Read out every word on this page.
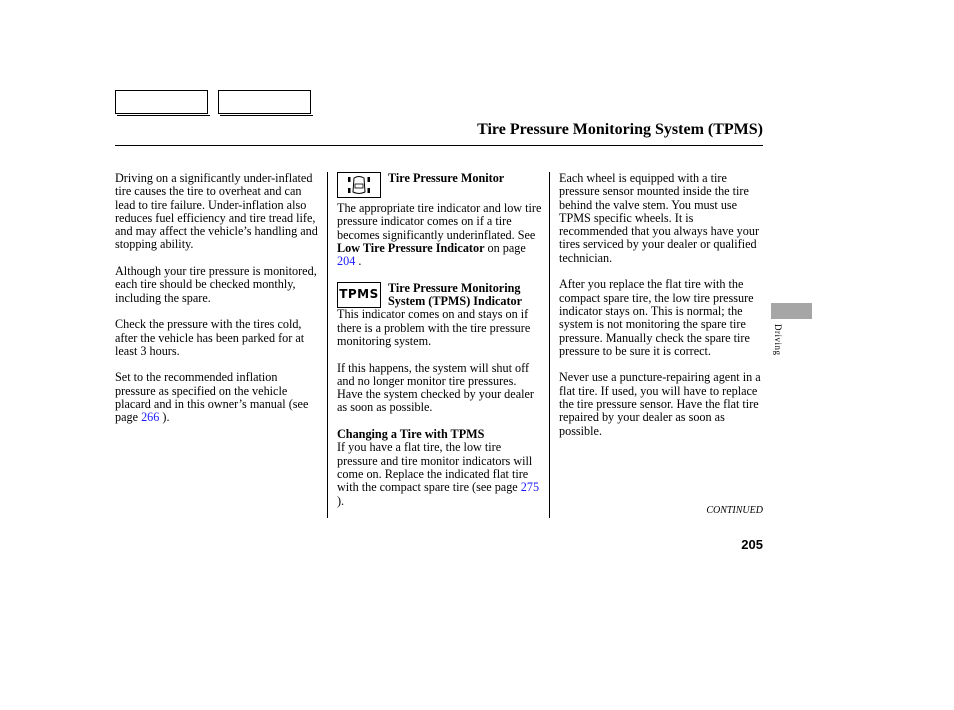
Tire Pressure Monitoring System (TPMS)

Driving on a significantly under-inflated tire causes the tire to overheat and can lead to tire failure. Under-inflation also reduces fuel efficiency and tire tread life, and may affect the vehicle’s handling and stopping ability.

Although your tire pressure is monitored, each tire should be checked monthly, including the spare.

Check the pressure with the tires cold, after the vehicle has been parked for at least 3 hours.

Set to the recommended inflation pressure as specified on the vehicle placard and in this owner’s manual (see page 266 ).

Tire Pressure Monitor

The appropriate tire indicator and low tire pressure indicator comes on if a tire becomes significantly underinflated. See Low Tire Pressure Indicator on page 204 .

TPMS Tire Pressure Monitoring System (TPMS) Indicator

This indicator comes on and stays on if there is a problem with the tire pressure monitoring system.

If this happens, the system will shut off and no longer monitor tire pressures. Have the system checked by your dealer as soon as possible.

Changing a Tire with TPMS

If you have a flat tire, the low tire pressure and tire monitor indicators will come on. Replace the indicated flat tire with the compact spare tire (see page 275 ).

Each wheel is equipped with a tire pressure sensor mounted inside the tire behind the valve stem. You must use TPMS specific wheels. It is recommended that you always have your tires serviced by your dealer or qualified technician.

After you replace the flat tire with the compact spare tire, the low tire pressure indicator stays on. This is normal; the system is not monitoring the spare tire pressure. Manually check the spare tire pressure to be sure it is correct.

Never use a puncture-repairing agent in a flat tire. If used, you will have to replace the tire pressure sensor. Have the flat tire repaired by your dealer as soon as possible.

Driving
CONTINUED
205
